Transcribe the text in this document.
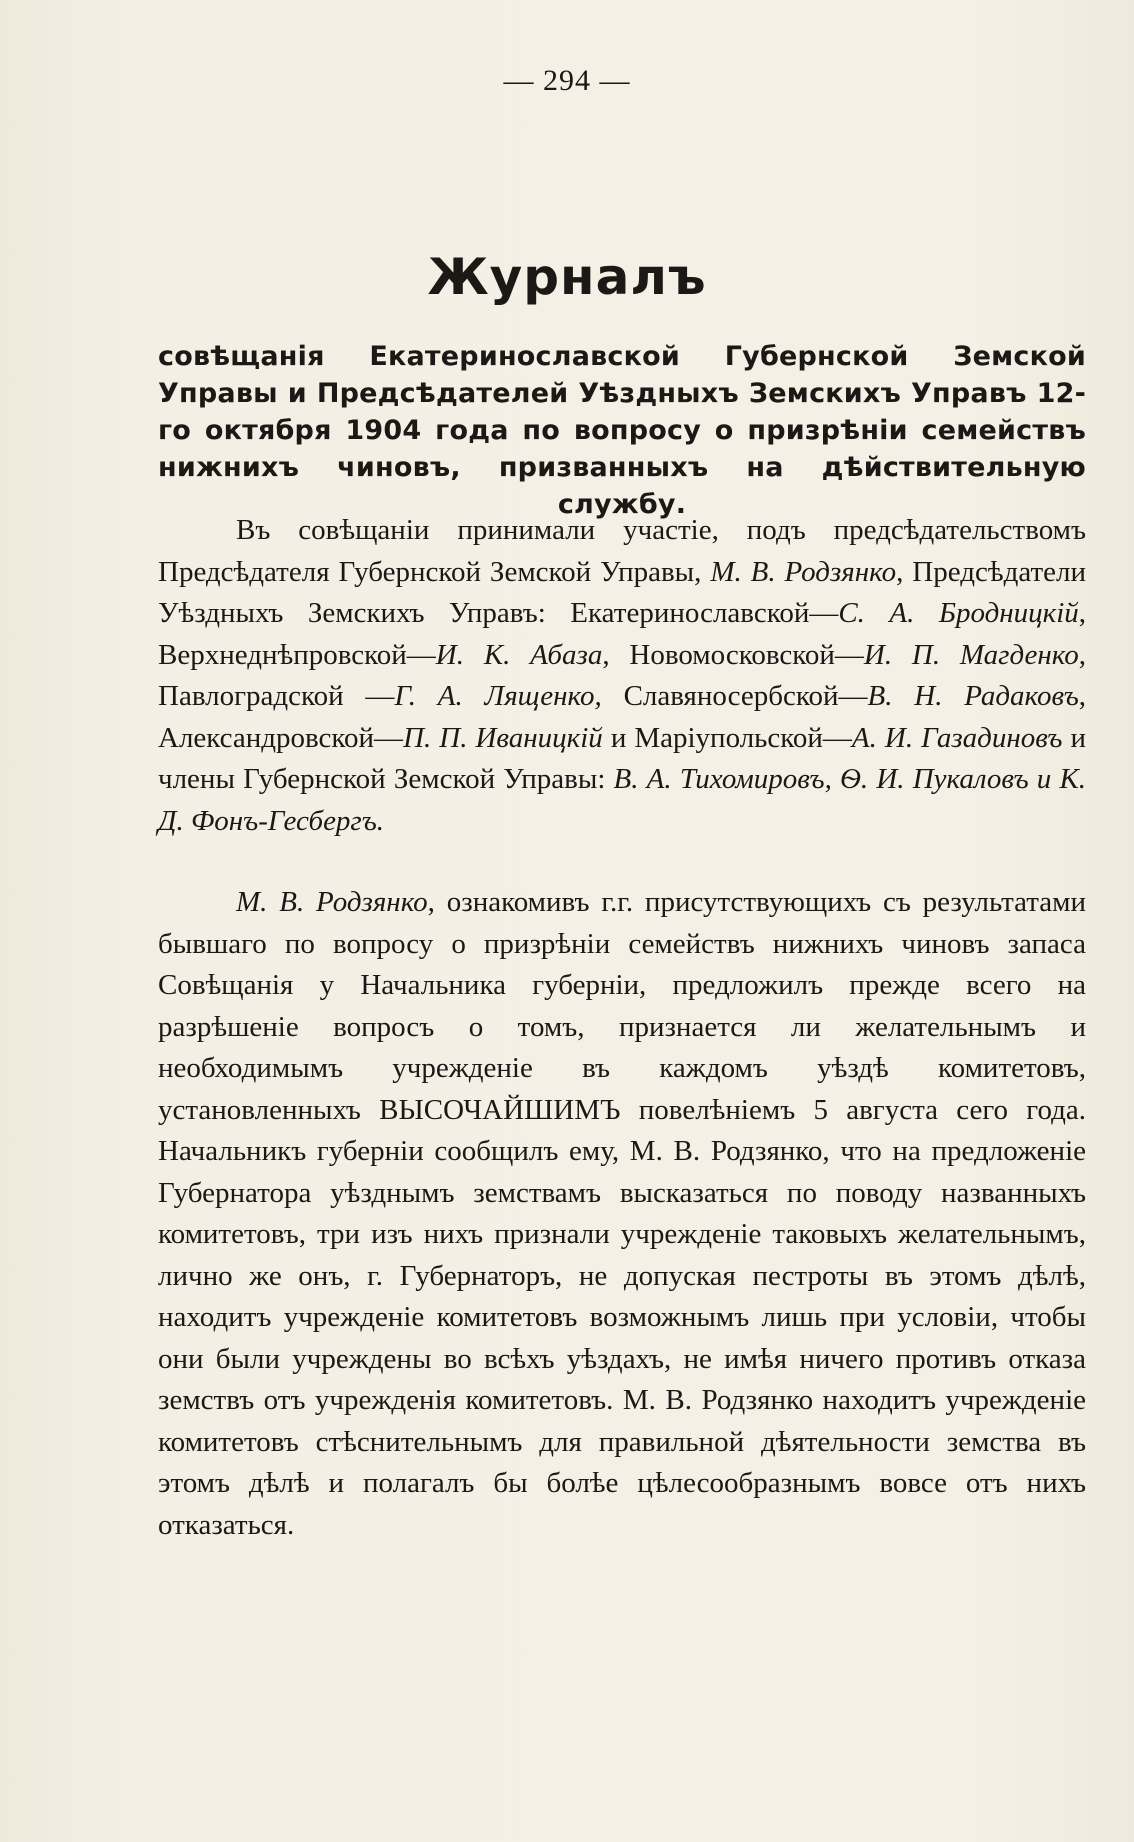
— 294 —
Журналъ
совѣщанія Екатеринославской Губернской Земской Управы и Предсѣдателей Уѣздныхъ Земскихъ Управъ 12-го октября 1904 года по вопросу о призрѣніи семействъ нижнихъ чиновъ, призванныхъ на дѣйствительную службу.

Въ совѣщаніи принимали участіе, подъ предсѣдательствомъ Предсѣдателя Губернской Земской Управы, М. В. Родзянко, Предсѣдатели Уѣздныхъ Земскихъ Управъ: Екатеринославской—С. А. Бродницкій, Верхнеднѣпровской—И. К. Абаза, Новомосковской—И. П. Магденко, Павлоградской —Г. А. Лященко, Славяносербской—В. Н. Радаковъ, Александровской—П. П. Иваницкій и Маріупольской—А. И. Газадиновъ и члены Губернской Земской Управы: В. А. Тихомировъ, Ѳ. И. Пукаловъ и К. Д. Фонъ-Гесбергъ.

М. В. Родзянко, ознакомивъ г.г. присутствующихъ съ результатами бывшаго по вопросу о призрѣніи семействъ нижнихъ чиновъ запаса Совѣщанія у Начальника губерніи, предложилъ прежде всего на разрѣшеніе вопросъ о томъ, признается ли желательнымъ и необходимымъ учрежденіе въ каждомъ уѣздѣ комитетовъ, установленныхъ ВЫСОЧАЙШИМЪ повелѣніемъ 5 августа сего года. Начальникъ губерніи сообщилъ ему, М. В. Родзянко, что на предложеніе Губернатора уѣзднымъ земствамъ высказаться по поводу названныхъ комитетовъ, три изъ нихъ признали учрежденіе таковыхъ желательнымъ, лично же онъ, г. Губернаторъ, не допуская пестроты въ этомъ дѣлѣ, находитъ учрежденіе комитетовъ возможнымъ лишь при условіи, чтобы они были учреждены во всѣхъ уѣздахъ, не имѣя ничего противъ отказа земствъ отъ учрежденія комитетовъ. М. В. Родзянко находитъ учрежденіе комитетовъ стѣснительнымъ для правильной дѣятельности земства въ этомъ дѣлѣ и полагалъ бы болѣе цѣлесообразнымъ вовсе отъ нихъ отказаться.
